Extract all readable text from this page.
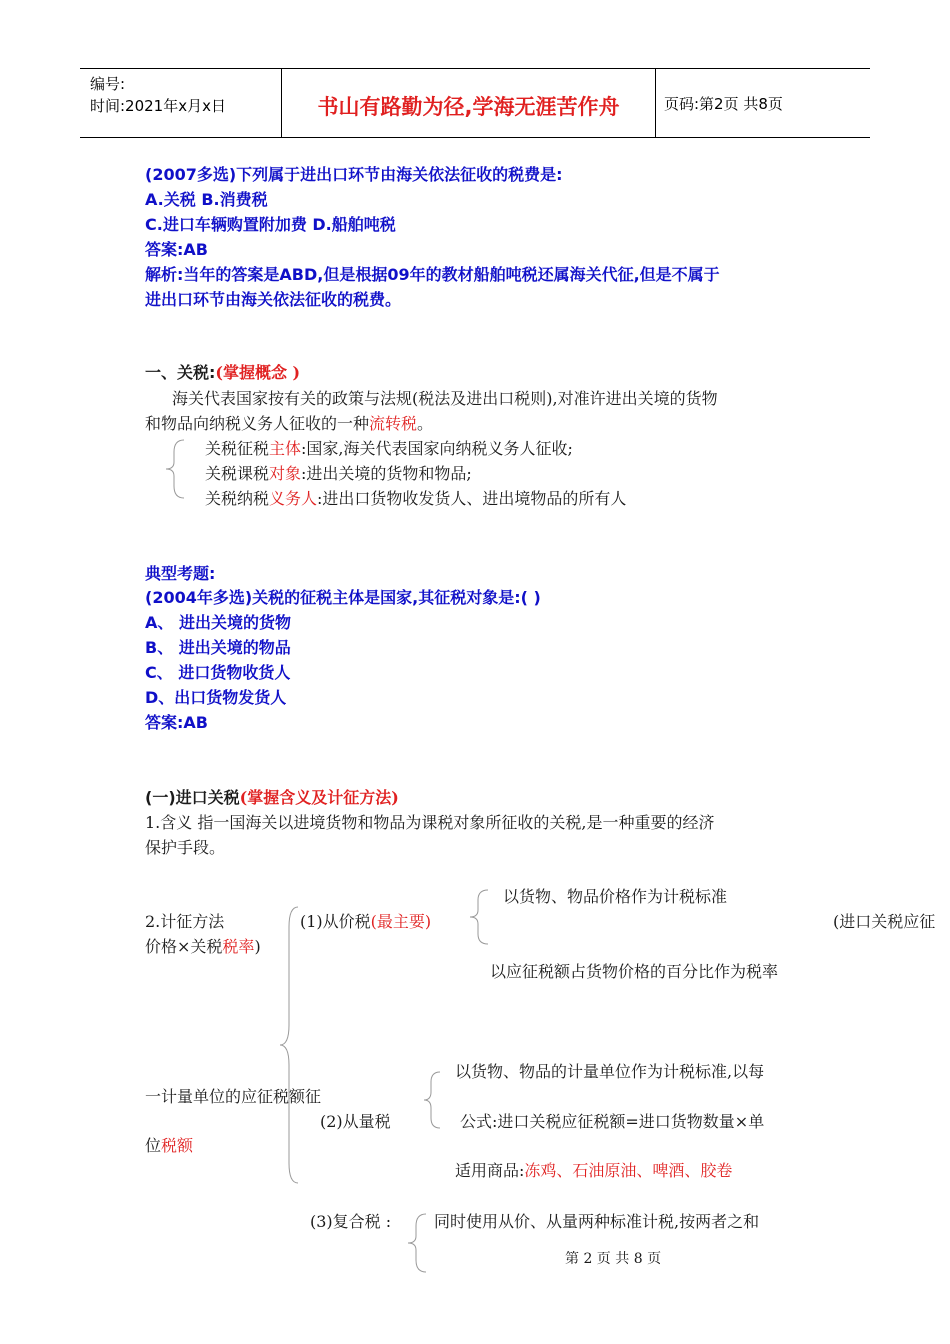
编号:
时间:2021年x月x日	书山有路勤为径,学海无涯苦作舟	页码:第2页 共8页
(2007多选)下列属于进出口环节由海关依法征收的税费是:
A.关税 B.消费税
C.进口车辆购置附加费 D.船舶吨税
答案:AB
解析:当年的答案是ABD,但是根据09年的教材船舶吨税还属海关代征,但是不属于
进出口环节由海关依法征收的税费。
一、关税:(掌握概念 )
海关代表国家按有关的政策与法规(税法及进出口税则),对准许进出关境的货物
和物品向纳税义务人征收的一种流转税。
关税征税主体:国家,海关代表国家向纳税义务人征收;
关税课税对象:进出关境的货物和物品;
关税纳税义务人:进出口货物收发货人、进出境物品的所有人
典型考题:
(2004年多选)关税的征税主体是国家,其征税对象是:( )
A、 进出关境的货物
B、 进出关境的物品
C、 进口货物收货人
D、出口货物发货人
答案:AB
(一)进口关税(掌握含义及计征方法)
1.含义 指一国海关以进境货物和物品为课税对象所征收的关税,是一种重要的经济
保护手段。
2.计征方法
价格×关税税率)
(1)从价税(最主要)
以货物、物品价格作为计税标准
以应征税额占货物价格的百分比作为税率
(进口关税应征
一计量单位的应征税额征
位税额
(2)从量税
以货物、物品的计量单位作为计税标准,以每
公式:进口关税应征税额=进口货物数量×单
适用商品:冻鸡、石油原油、啤酒、胶卷
(3)复合税 :	同时使用从价、从量两种标准计税,按两者之和
第 2 页 共 8 页
